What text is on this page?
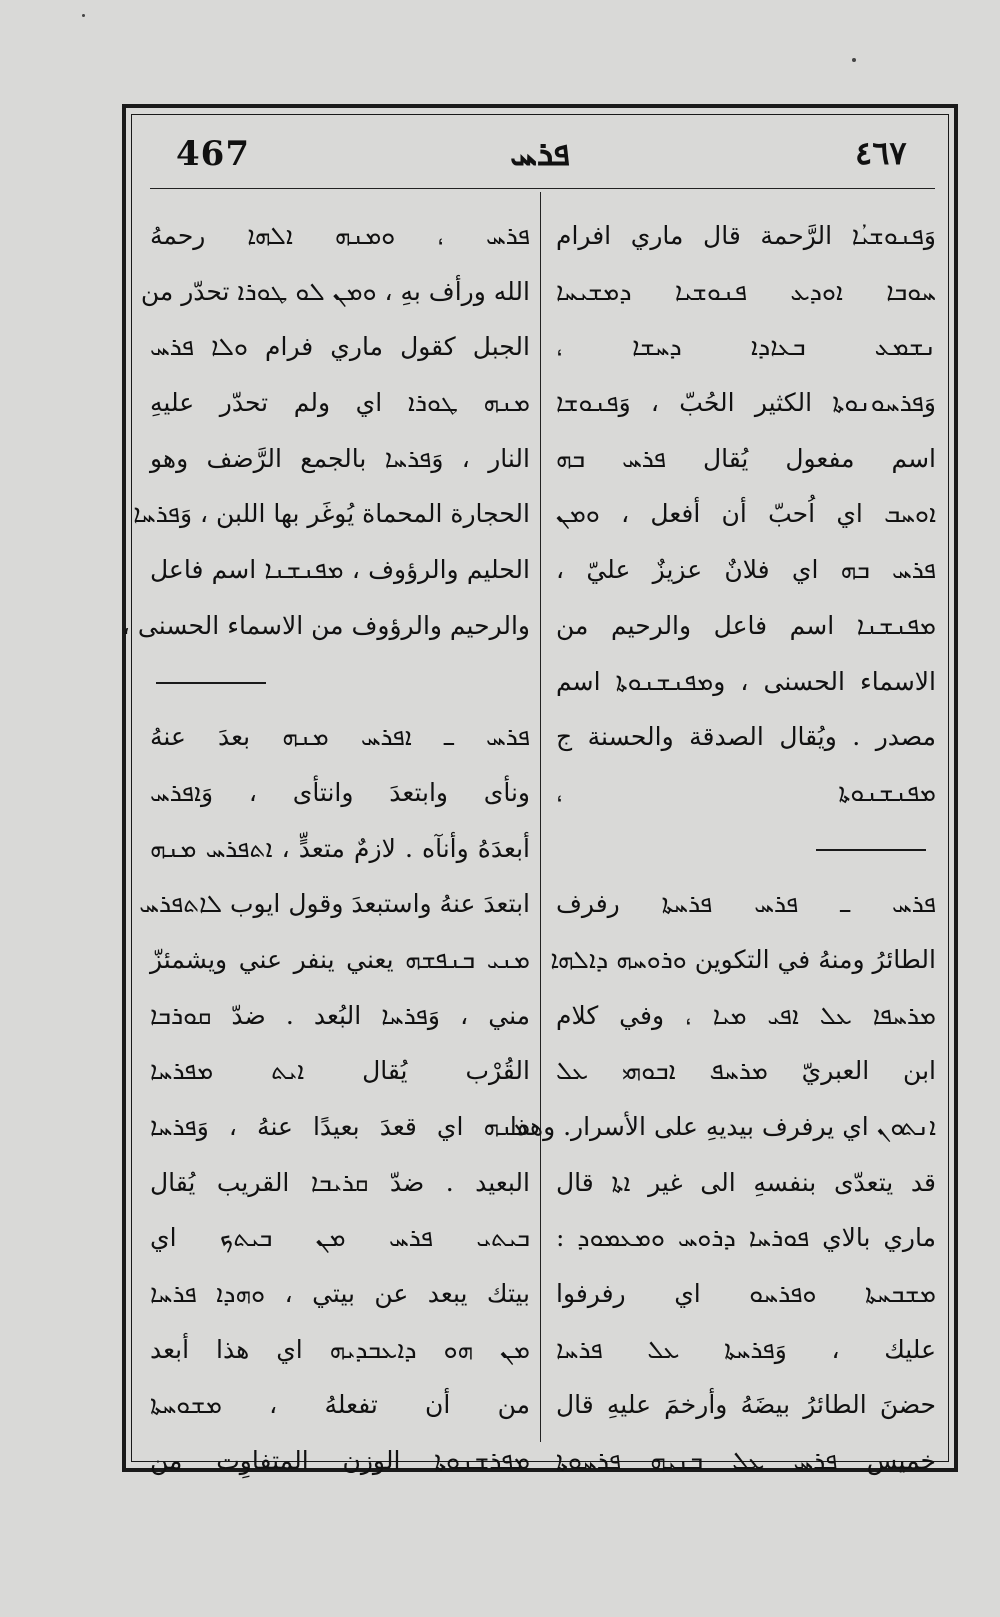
467	ܦܪܚ	٤٦٧
وَܦܢܘܫܝܳܐ الرَّحمة قال ماري افرام
ܚܘܒܐ ܐܘܕܥ ܦܢܘܫܝܐ ܕܡܫܝܚܐ
ܢܫܡܥ ܒܥܐܕܐ ܕܚܫܐ ،
وَܦܪܚܘܢܘܬܐ الكثير الحُبّ ، وَܦܢܘܫܐ
اسم مفعول يُقال ܦܪܚ ܒܗ
ܐܘܚܒ اي اُحبّ أن أفعل ، ܘܡܢ
ܦܪܚ ܒܗ اي فلانٌ عزيزٌ عليّ ،
ܡܦܢܫܢܐ اسم فاعل والرحيم من
الاسماء الحسنى ، وܡܦܢܫܢܘܬܐ اسم
مصدر . ويُقال الصدقة والحسنة ج
ܡܦܢܫܢܘܬܐ ،
ܦܪܚ ـ ܦܪܚ ܦܪܚܬܐ رفرف
الطائرُ ومنهُ في التكوين ܘܪܘܚܗ ܕܐܠܗܐ
ܡܪܚܦܐ ܥܠ ܐܦܝ ܡܝܐ ، وفي كلام
ابن العبريّ ܡܪܚܦ ܐܒܘܗܝ ܥܠ
ܐܢܬܘܢ اي يرفرف بيديهِ على الأسرار. وهذا
قد يتعدّى بنفسهِ الى غير ܐܬܐ قال
ماري بالاي ܦܘܪܚܐ ܕܪܘܚ ܘܡܥܡܘܕ :
ܡܫܒܚܬܐ ܘܦܪܚܘ اي رفرفوا
عليك ، وَܦܪܚܬܐ ܥܠ ܦܪܚܐ
حضنَ الطائرُ بيضَهُ وأرخمَ عليهِ قال
خميس ܦܪܚ ܥܠ ܒܢܝܗ ܦܪܚܘܬܐ
ܦܪܚ ، ܘܡܢܗ ܐܠܗܐ رحمهُ
الله ورأف بهِ ، ܘܡܢ ܠܘ ܛܘܪܐ تحدّر من
الجبل كقول ماري فرام ܘܠܐ ܦܪܚ
ܡܢܗ ܛܘܪܐ اي ولم تحدّر عليهِ
النار ، وَܦܪܚܐ بالجمع الرَّضف وهو
الحجارة المحماة يُوغَر بها اللبن ، وَܦܪܚܐ
الحليم والرؤوف ، ܡܦܢܫܢܐ اسم فاعل
والرحيم والرؤوف من الاسماء الحسنى ،
ܦܪܚ ـ ܐܦܪܚ ܡܢܗ بعدَ عنهُ
ونأى وابتعدَ وانتأى ، وَܐܦܪܚ
أبعدَهُ وأنآه . لازمٌ متعدٍّ ، ܐܬܦܪܚ ܡܢܗ
ابتعدَ عنهُ واستبعدَ وقول ايوب ܠܐܬܦܪܚ
ܡܢܝ ܒܢܦܫܗ يعني ينفر عني ويشمئزّ
مني ، وَܦܪܚܐ البُعد . ضدّ ܩܘܪܒܐ
القُرْب يُقال ܐܝܬ ܡܦܪܚܐ
ܡܢܗ اي قعدَ بعيدًا عنهُ ، وَܦܪܚܐ
البعيد . ضدّ ܩܪܝܒܐ القريب يُقال
ܒܝܬܝ ܦܪܚ ܡܢ ܒܝܬܟ اي
بيتك يبعد عن بيتي ، ܘܗܕܐ ܦܪܚܐ
ܡܢ ܗܘ ܕܐܥܒܕܝܗ اي هذا أبعد
من أن تفعلهُ ، ܡܫܘܚܬܐ
ܡܦܪܫܢܘܬܐ الوزن المتفاوِت من
